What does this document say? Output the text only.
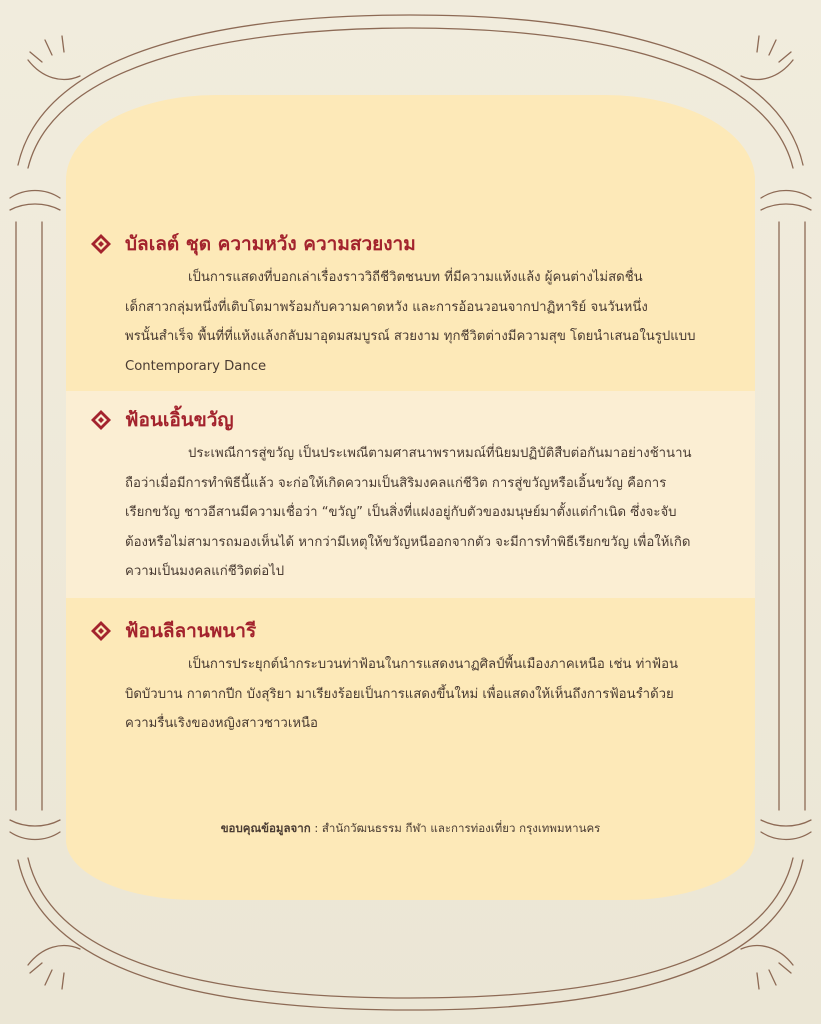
บัลเลต์ ชุด ความหวัง ความสวยงาม
เป็นการแสดงที่บอกเล่าเรื่องราววิถีชีวิตชนบท ที่มีความแห้งแล้ง ผู้คนต่างไม่สดชื่น
เด็กสาวกลุ่มหนึ่งที่เติบโตมาพร้อมกับความคาดหวัง และการอ้อนวอนจากปาฏิหาริย์ จนวันหนึ่ง
พรนั้นสำเร็จ พื้นที่ที่แห้งแล้งกลับมาอุดมสมบูรณ์ สวยงาม ทุกชีวิตต่างมีความสุข โดยนำเสนอในรูปแบบ
Contemporary Dance
ฟ้อนเอิ้นขวัญ
ประเพณีการสู่ขวัญ เป็นประเพณีตามศาสนาพราหมณ์ที่นิยมปฏิบัติสืบต่อกันมาอย่างช้านาน
ถือว่าเมื่อมีการทำพิธีนี้แล้ว จะก่อให้เกิดความเป็นสิริมงคลแก่ชีวิต การสู่ขวัญหรือเอิ้นขวัญ คือการ
เรียกขวัญ ชาวอีสานมีความเชื่อว่า “ขวัญ” เป็นสิ่งที่แฝงอยู่กับตัวของมนุษย์มาตั้งแต่กำเนิด ซึ่งจะจับ
ต้องหรือไม่สามารถมองเห็นได้ หากว่ามีเหตุให้ขวัญหนีออกจากตัว จะมีการทำพิธีเรียกขวัญ เพื่อให้เกิด
ความเป็นมงคลแก่ชีวิตต่อไป
ฟ้อนลีลานพนารี
เป็นการประยุกต์นำกระบวนท่าฟ้อนในการแสดงนาฏศิลป์พื้นเมืองภาคเหนือ เช่น ท่าฟ้อน
บิดบัวบาน กาตากปีก บังสุริยา มาเรียงร้อยเป็นการแสดงขึ้นใหม่ เพื่อแสดงให้เห็นถึงการฟ้อนรำด้วย
ความรื่นเริงของหญิงสาวชาวเหนือ
ขอบคุณข้อมูลจาก : สำนักวัฒนธรรม กีฬา และการท่องเที่ยว กรุงเทพมหานคร
